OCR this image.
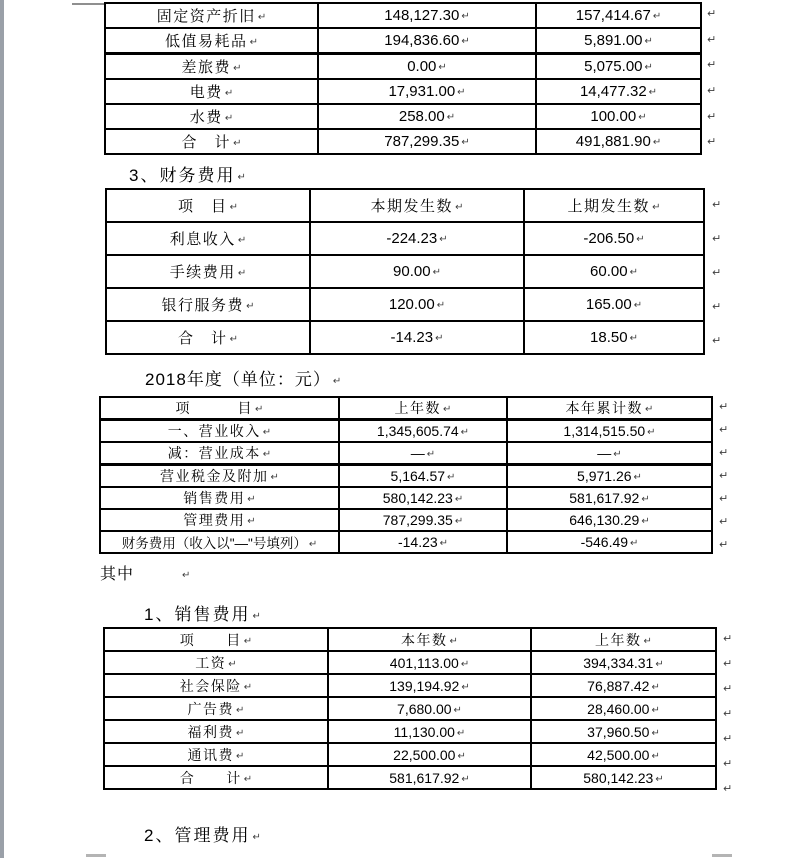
固定资产折旧 ↵	148,127.30 ↵	157,414.67 ↵
低值易耗品 ↵	194,836.60 ↵	5,891.00 ↵
差旅费 ↵	0.00 ↵	5,075.00 ↵
电费 ↵	17,931.00 ↵	14,477.32 ↵
水费 ↵	258.00 ↵	100.00 ↵
合　计 ↵	787,299.35 ↵	491,881.90 ↵
↵
↵
↵
↵
↵
↵
3、财务费用 ↵
项　目 ↵	本期发生数 ↵	上期发生数 ↵
利息收入 ↵	-224.23 ↵	-206.50 ↵
手续费用 ↵	90.00 ↵	60.00 ↵
银行服务费 ↵	120.00 ↵	165.00 ↵
合　计 ↵	-14.23 ↵	18.50 ↵
↵
↵
↵
↵
↵
2018年度（单位：元） ↵
项　　　目 ↵	上年数 ↵	本年累计数 ↵
一、营业收入 ↵	1,345,605.74 ↵	1,314,515.50 ↵
减：营业成本 ↵	— ↵	— ↵
营业税金及附加 ↵	5,164.57 ↵	5,971.26 ↵
销售费用 ↵	580,142.23 ↵	581,617.92 ↵
管理费用 ↵	787,299.35 ↵	646,130.29 ↵
财务费用（收入以"—"号填列） ↵	-14.23 ↵	-546.49 ↵
↵
↵
↵
↵
↵
↵
↵
其中	↵
1、销售费用 ↵
项　　目 ↵	本年数 ↵	上年数 ↵
工资 ↵	401,113.00 ↵	394,334.31 ↵
社会保险 ↵	139,194.92 ↵	76,887.42 ↵
广告费 ↵	7,680.00 ↵	28,460.00 ↵
福利费 ↵	11,130.00 ↵	37,960.50 ↵
通讯费 ↵	22,500.00 ↵	42,500.00 ↵
合　　计 ↵	581,617.92 ↵	580,142.23 ↵
↵
↵
↵
↵
↵
↵
↵
2、管理费用 ↵
